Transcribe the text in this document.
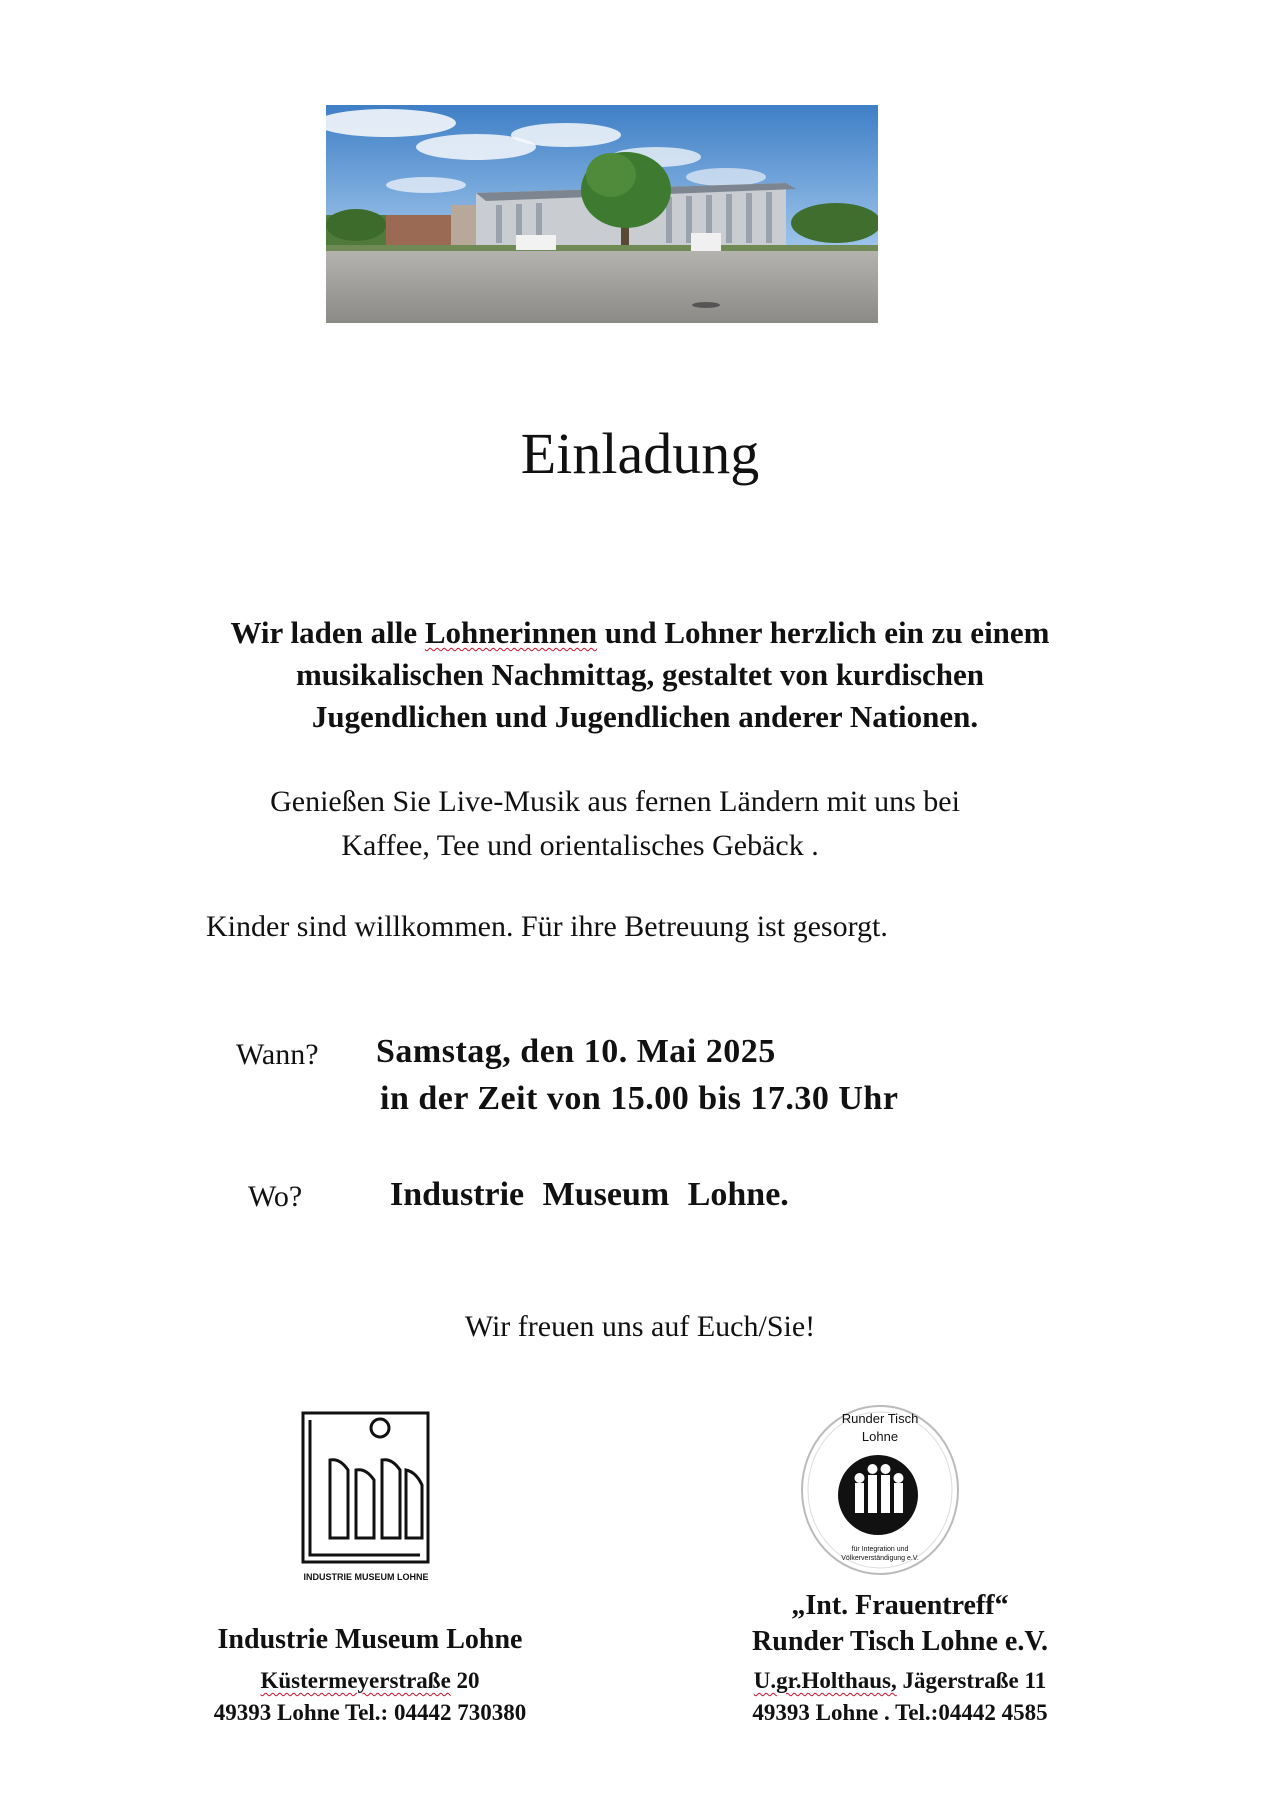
Einladung
Wir laden alle Lohnerinnen und Lohner herzlich ein zu einem
musikalischen Nachmittag, gestaltet von kurdischen
Jugendlichen und Jugendlichen anderer Nationen.
Genießen Sie Live-Musik aus fernen Ländern mit uns bei
Kaffee, Tee und orientalisches Gebäck .
Kinder sind willkommen. Für ihre Betreuung ist gesorgt.
Wann? Samstag, den 10. Mai 2025
in der Zeit von 15.00 bis 17.30 Uhr
Wo?	Industrie Museum Lohne.
Wir freuen uns auf Euch/Sie!
INDUSTRIE MUSEUM LOHNE
Runder Tisch
Lohne
für Integration und
Völkerverständigung e.V.
Industrie Museum Lohne
Küstermeyerstraße 20
49393 Lohne Tel.: 04442 730380
„Int. Frauentreff“
Runder Tisch Lohne e.V.
U.gr.Holthaus, Jägerstraße 11
49393 Lohne . Tel.:04442 4585
